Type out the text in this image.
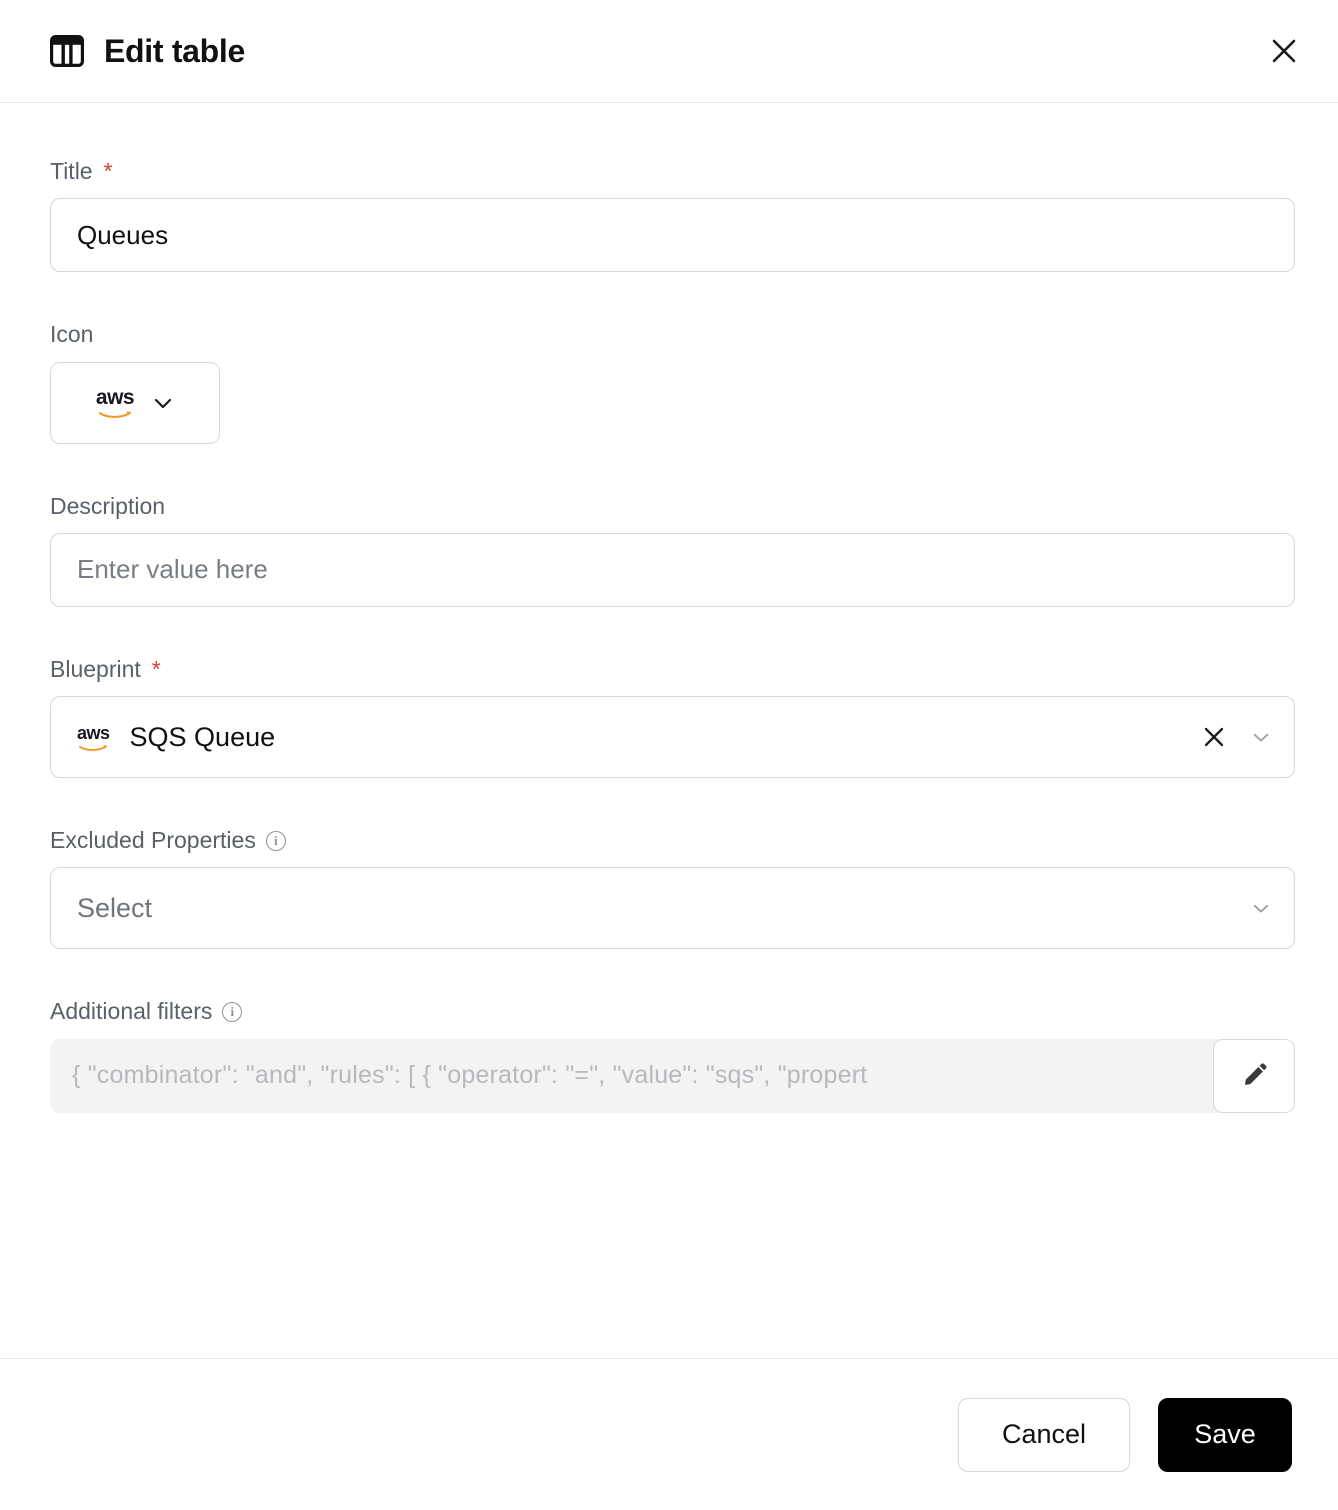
Edit table
Title *
Queues
Icon
aws
Description
Enter value here
Blueprint *
aws SQS Queue
Excluded Properties	i
Select
Additional filters	i
{ "combinator": "and", "rules": [ { "operator": "=", "value": "sqs", "propert
Cancel	Save
